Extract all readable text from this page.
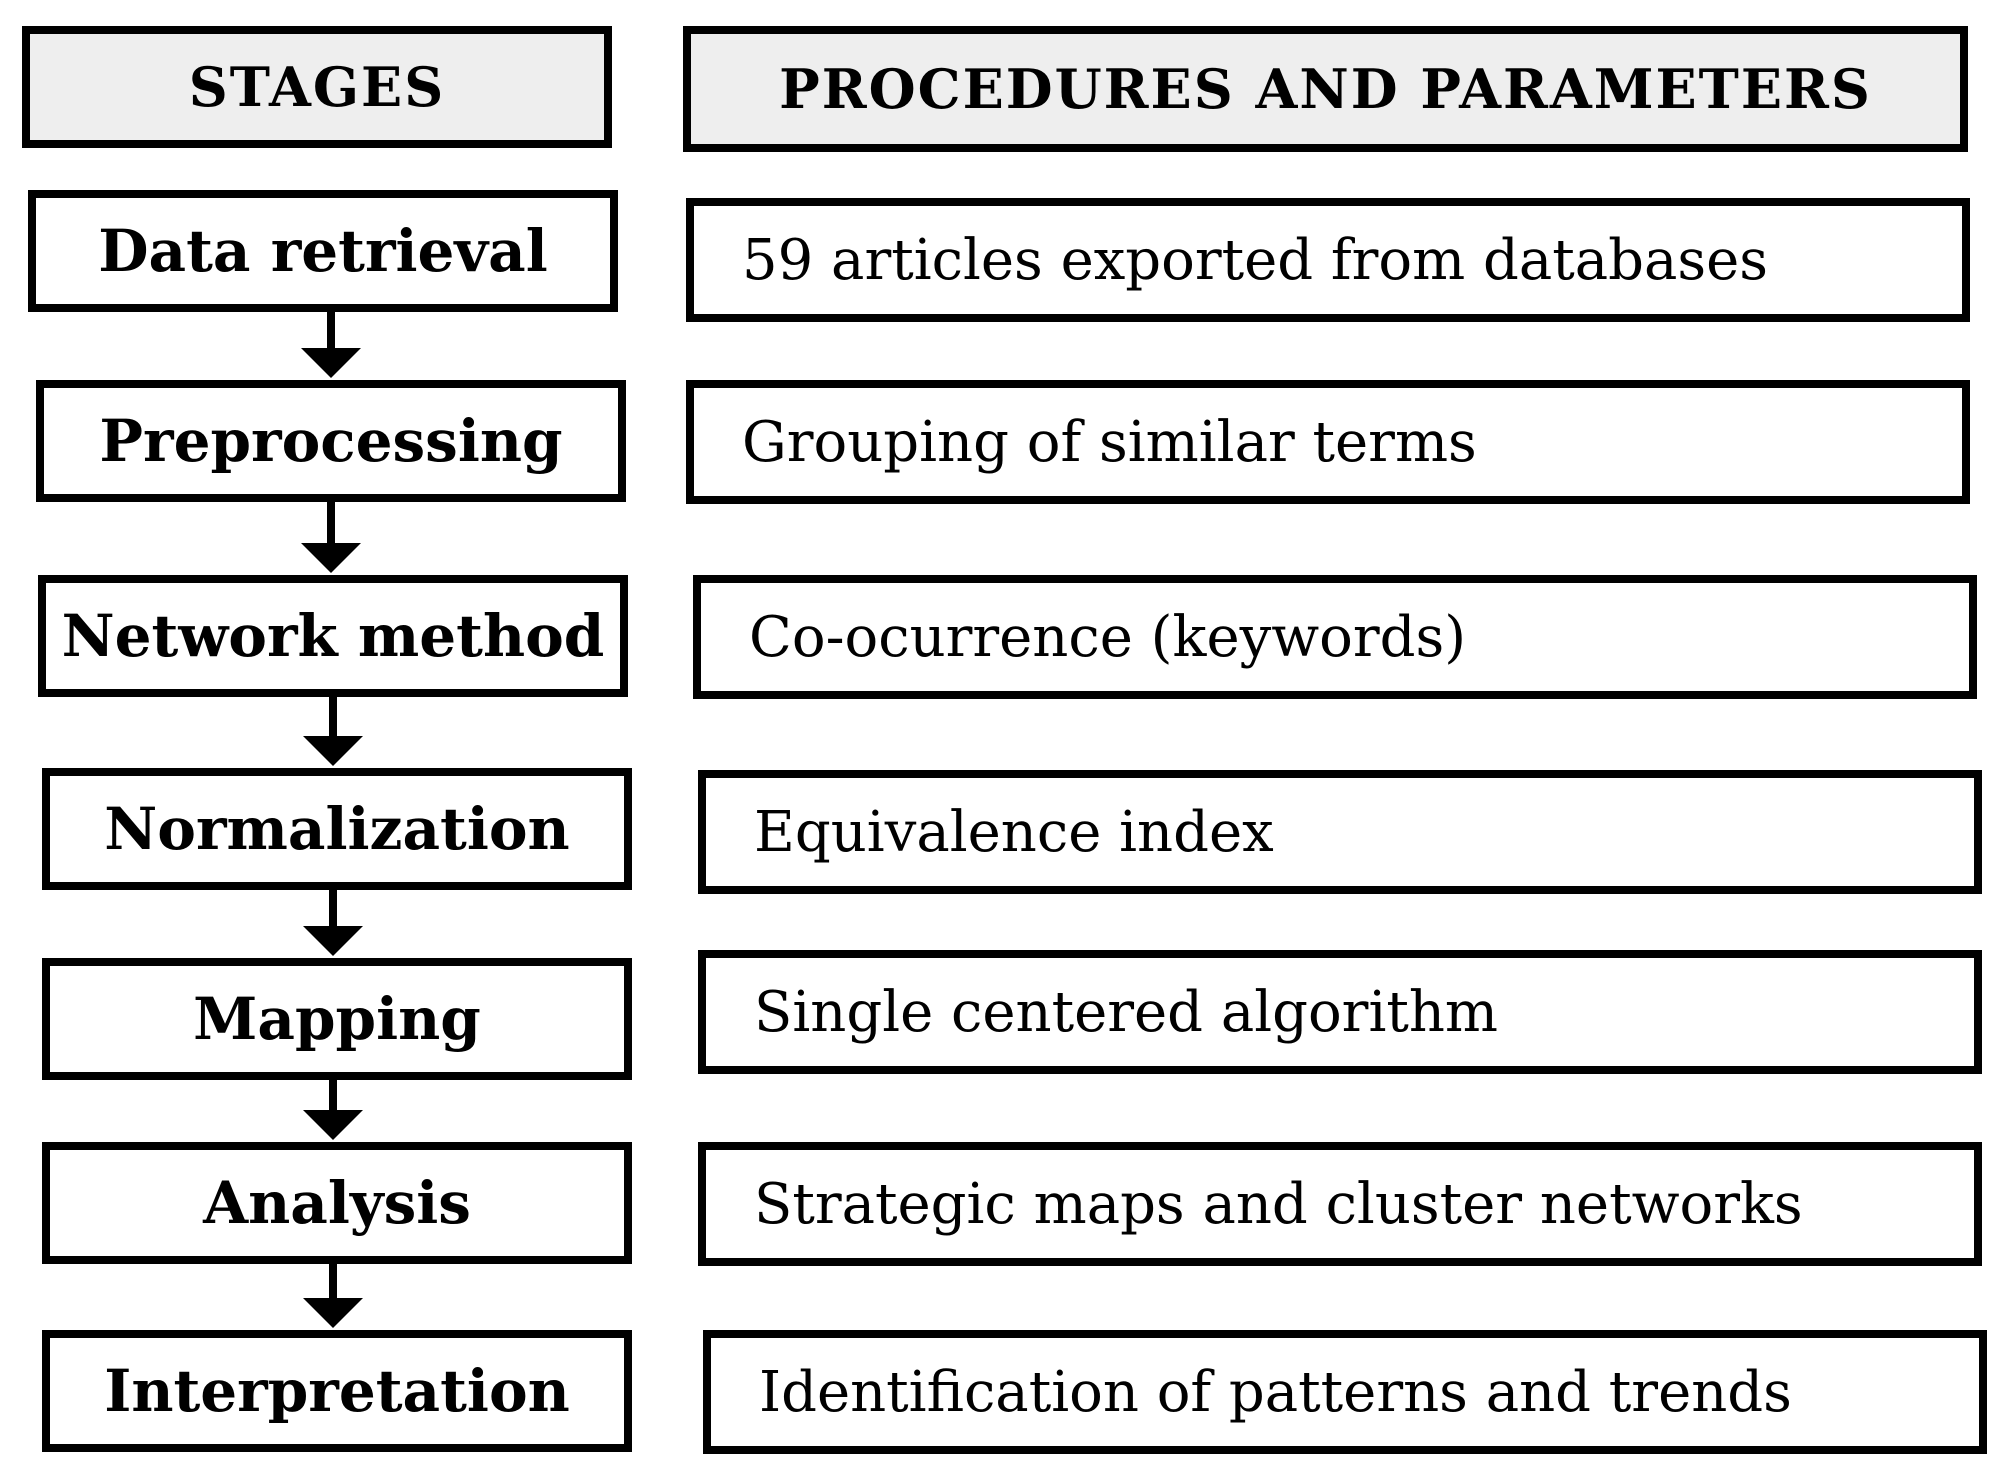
STAGES	PROCEDURES AND PARAMETERS
Data retrieval	59 articles exported from databases
Preprocessing	Grouping of similar terms
Network method	Co-ocurrence (keywords)
Normalization	Equivalence index
Mapping	Single centered algorithm
Analysis	Strategic maps and cluster networks
Interpretation	Identification of patterns and trends
